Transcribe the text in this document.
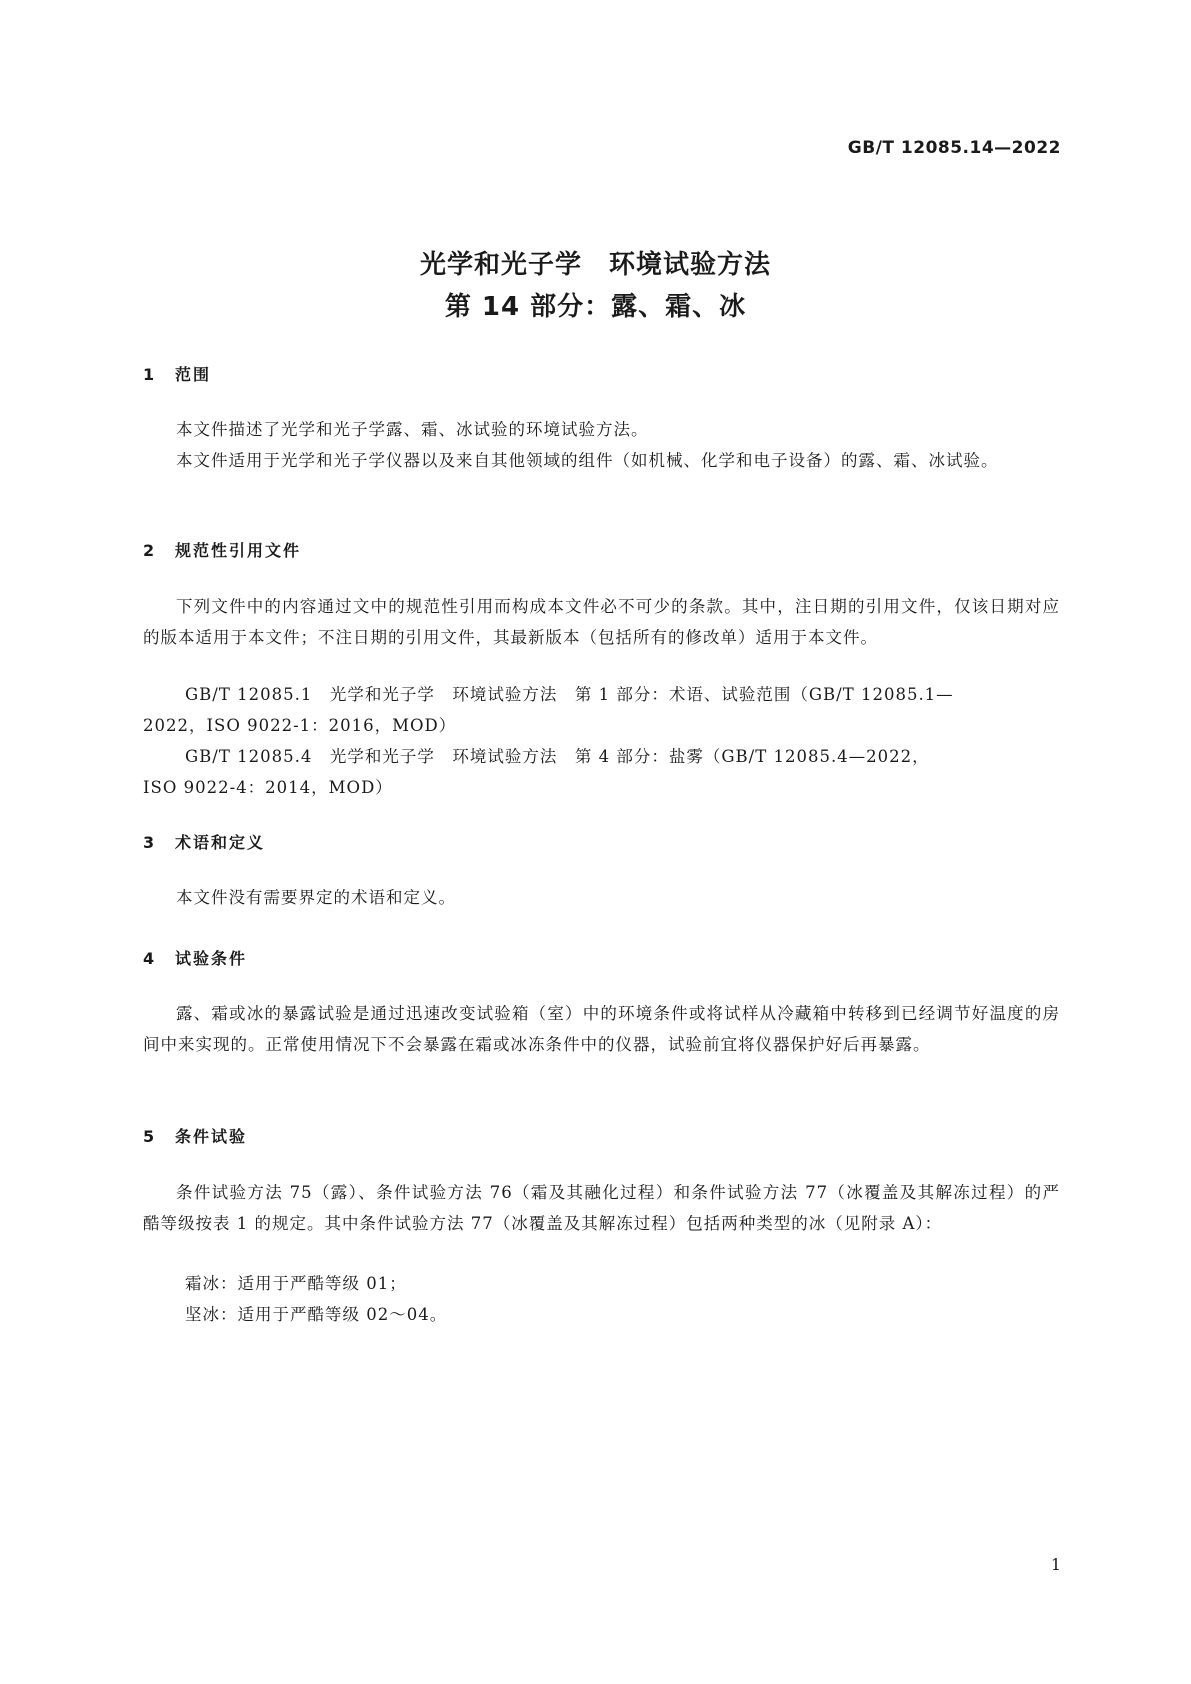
GB/T 12085.14—2022
光学和光子学　环境试验方法
第 14 部分：露、霜、冰
1 范围
本文件描述了光学和光子学露、霜、冰试验的环境试验方法。
本文件适用于光学和光子学仪器以及来自其他领域的组件（如机械、化学和电子设备）的露、霜、冰试验。
2 规范性引用文件
下列文件中的内容通过文中的规范性引用而构成本文件必不可少的条款。其中，注日期的引用文件，仅该日期对应的版本适用于本文件；不注日期的引用文件，其最新版本（包括所有的修改单）适用于本文件。
GB/T 12085.1　光学和光子学　环境试验方法　第 1 部分：术语、试验范围（GB/T 12085.1—
2022，ISO 9022-1：2016，MOD）
GB/T 12085.4　光学和光子学　环境试验方法　第 4 部分：盐雾（GB/T 12085.4—2022，
ISO 9022-4：2014，MOD）
3 术语和定义
本文件没有需要界定的术语和定义。
4 试验条件
露、霜或冰的暴露试验是通过迅速改变试验箱（室）中的环境条件或将试样从冷藏箱中转移到已经调节好温度的房间中来实现的。正常使用情况下不会暴露在霜或冰冻条件中的仪器，试验前宜将仪器保护好后再暴露。
5 条件试验
条件试验方法 75（露）、条件试验方法 76（霜及其融化过程）和条件试验方法 77（冰覆盖及其解冻过程）的严酷等级按表 1 的规定。其中条件试验方法 77（冰覆盖及其解冻过程）包括两种类型的冰（见附录 A）：
霜冰：适用于严酷等级 01；
坚冰：适用于严酷等级 02～04。
1
